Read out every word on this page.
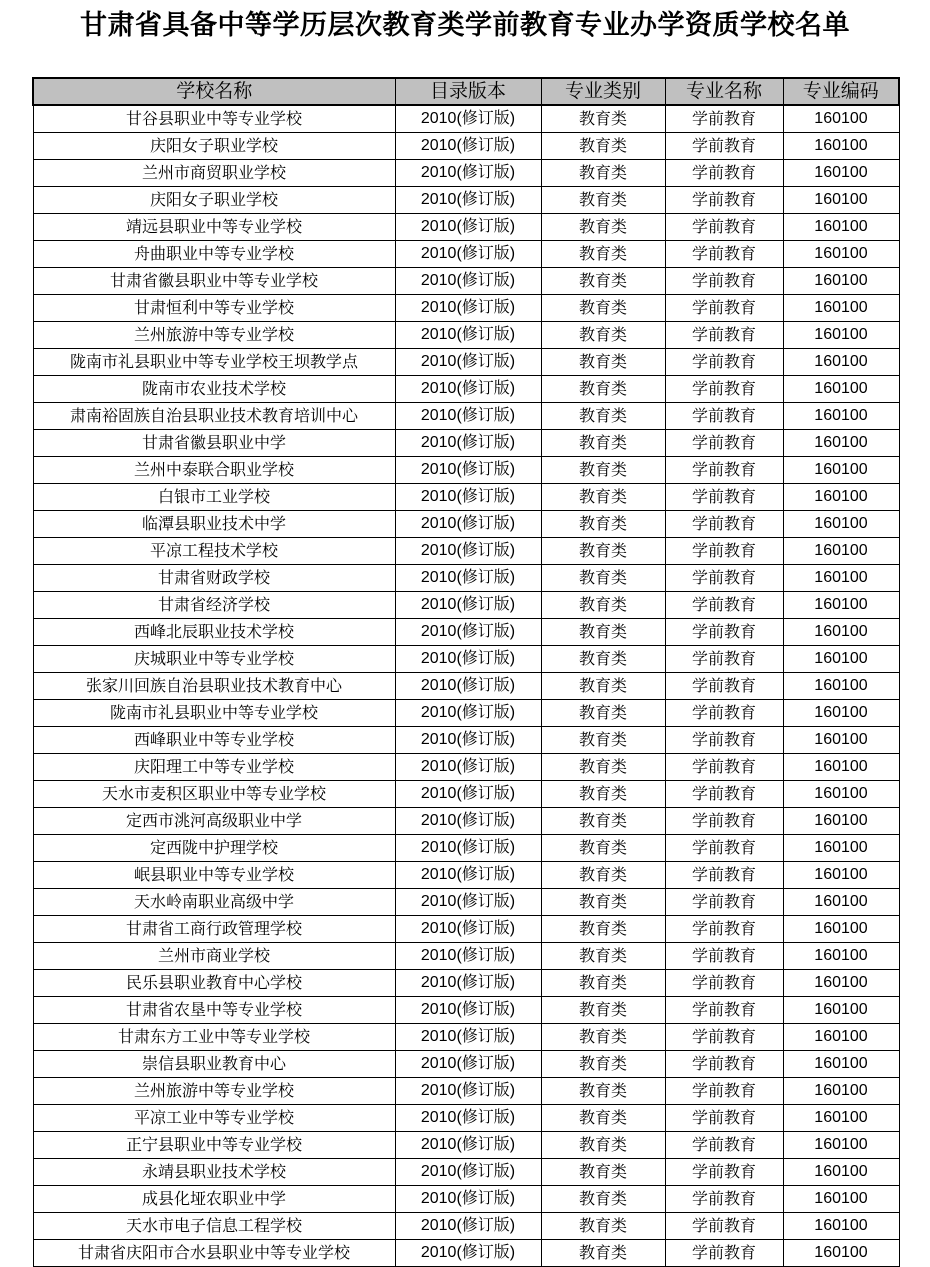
甘肃省具备中等学历层次教育类学前教育专业办学资质学校名单
学校名称	目录版本	专业类别	专业名称	专业编码
甘谷县职业中等专业学校	2010(修订版)	教育类	学前教育	160100
庆阳女子职业学校	2010(修订版)	教育类	学前教育	160100
兰州市商贸职业学校	2010(修订版)	教育类	学前教育	160100
庆阳女子职业学校	2010(修订版)	教育类	学前教育	160100
靖远县职业中等专业学校	2010(修订版)	教育类	学前教育	160100
舟曲职业中等专业学校	2010(修订版)	教育类	学前教育	160100
甘肃省徽县职业中等专业学校	2010(修订版)	教育类	学前教育	160100
甘肃恒利中等专业学校	2010(修订版)	教育类	学前教育	160100
兰州旅游中等专业学校	2010(修订版)	教育类	学前教育	160100
陇南市礼县职业中等专业学校王坝教学点	2010(修订版)	教育类	学前教育	160100
陇南市农业技术学校	2010(修订版)	教育类	学前教育	160100
肃南裕固族自治县职业技术教育培训中心	2010(修订版)	教育类	学前教育	160100
甘肃省徽县职业中学	2010(修订版)	教育类	学前教育	160100
兰州中泰联合职业学校	2010(修订版)	教育类	学前教育	160100
白银市工业学校	2010(修订版)	教育类	学前教育	160100
临潭县职业技术中学	2010(修订版)	教育类	学前教育	160100
平凉工程技术学校	2010(修订版)	教育类	学前教育	160100
甘肃省财政学校	2010(修订版)	教育类	学前教育	160100
甘肃省经济学校	2010(修订版)	教育类	学前教育	160100
西峰北辰职业技术学校	2010(修订版)	教育类	学前教育	160100
庆城职业中等专业学校	2010(修订版)	教育类	学前教育	160100
张家川回族自治县职业技术教育中心	2010(修订版)	教育类	学前教育	160100
陇南市礼县职业中等专业学校	2010(修订版)	教育类	学前教育	160100
西峰职业中等专业学校	2010(修订版)	教育类	学前教育	160100
庆阳理工中等专业学校	2010(修订版)	教育类	学前教育	160100
天水市麦积区职业中等专业学校	2010(修订版)	教育类	学前教育	160100
定西市洮河高级职业中学	2010(修订版)	教育类	学前教育	160100
定西陇中护理学校	2010(修订版)	教育类	学前教育	160100
岷县职业中等专业学校	2010(修订版)	教育类	学前教育	160100
天水岭南职业高级中学	2010(修订版)	教育类	学前教育	160100
甘肃省工商行政管理学校	2010(修订版)	教育类	学前教育	160100
兰州市商业学校	2010(修订版)	教育类	学前教育	160100
民乐县职业教育中心学校	2010(修订版)	教育类	学前教育	160100
甘肃省农垦中等专业学校	2010(修订版)	教育类	学前教育	160100
甘肃东方工业中等专业学校	2010(修订版)	教育类	学前教育	160100
崇信县职业教育中心	2010(修订版)	教育类	学前教育	160100
兰州旅游中等专业学校	2010(修订版)	教育类	学前教育	160100
平凉工业中等专业学校	2010(修订版)	教育类	学前教育	160100
正宁县职业中等专业学校	2010(修订版)	教育类	学前教育	160100
永靖县职业技术学校	2010(修订版)	教育类	学前教育	160100
成县化垭农职业中学	2010(修订版)	教育类	学前教育	160100
天水市电子信息工程学校	2010(修订版)	教育类	学前教育	160100
甘肃省庆阳市合水县职业中等专业学校	2010(修订版)	教育类	学前教育	160100
